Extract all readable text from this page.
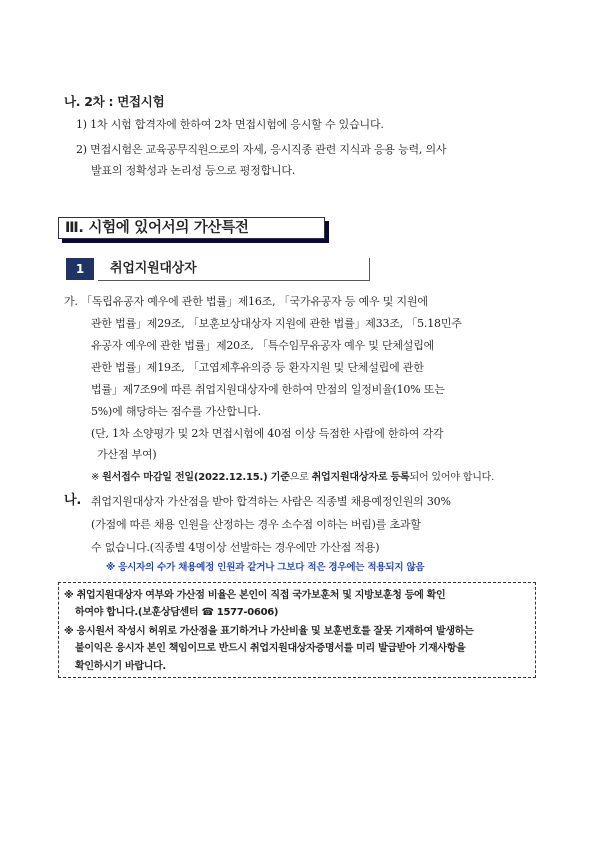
나. 2차 : 면접시험
1) 1차 시험 합격자에 한하여 2차 면접시험에 응시할 수 있습니다.
2) 면접시험은 교육공무직원으로의 자세, 응시직종 관련 지식과 응용 능력, 의사
발표의 정확성과 논리성 등으로 평정합니다.
Ⅲ. 시험에 있어서의 가산특전
1	취업지원대상자
가. 「독립유공자 예우에 관한 법률」제16조, 「국가유공자 등 예우 및 지원에
관한 법률」제29조, 「보훈보상대상자 지원에 관한 법률」제33조, 「5.18민주
유공자 예우에 관한 법률」제20조, 「특수임무유공자 예우 및 단체설립에
관한 법률」제19조, 「고엽제후유의증 등 환자지원 및 단체설립에 관한
법률」제7조9에 따른 취업지원대상자에 한하여 만점의 일정비율(10% 또는
5%)에 해당하는 점수를 가산합니다.
(단, 1차 소양평가 및 2차 면접시험에 40점 이상 득점한 사람에 한하여 각각
가산점 부여)
※ 원서접수 마감일 전일(2022.12.15.) 기준으로 취업지원대상자로 등록되어 있어야 합니다.
나. 취업지원대상자 가산점을 받아 합격하는 사람은 직종별 채용예정인원의 30%
(가점에 따른 채용 인원을 산정하는 경우 소수점 이하는 버림)를 초과할
수 없습니다.(직종별 4명이상 선발하는 경우에만 가산점 적용)
※ 응시자의 수가 채용예정 인원과 같거나 그보다 적은 경우에는 적용되지 않음
※ 취업지원대상자 여부와 가산점 비율은 본인이 직접 국가보훈처 및 지방보훈청 등에 확인
하여야 합니다.(보훈상담센터 ☎ 1577-0606)
※ 응시원서 작성시 허위로 가산점을 표기하거나 가산비율 및 보훈번호를 잘못 기재하여 발생하는
불이익은 응시자 본인 책임이므로 반드시 취업지원대상자증명서를 미리 발급받아 기재사항을
확인하시기 바랍니다.
